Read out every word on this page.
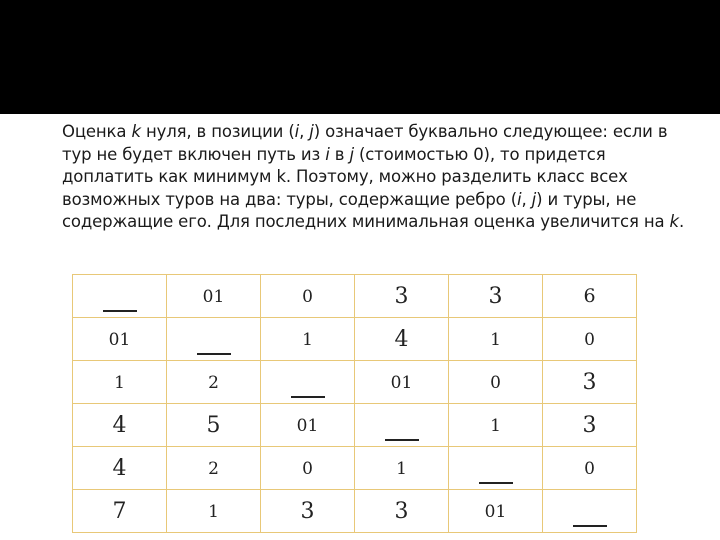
Оценка k нуля, в позиции (i, j) означает буквально следующее: если в тур не будет включен путь из i в j (стоимостью 0), то придется доплатить как минимум k. Поэтому, можно разделить класс всех возможных туров на два: туры, содержащие ребро (i, j) и туры, не содержащие его. Для последних минимальная оценка увеличится на k.
	01	0	3	3	6
01		1	4	1	0
1	2		01	0	3
4	5	01		1	3
4	2	0	1		0
7	1	3	3	01	
